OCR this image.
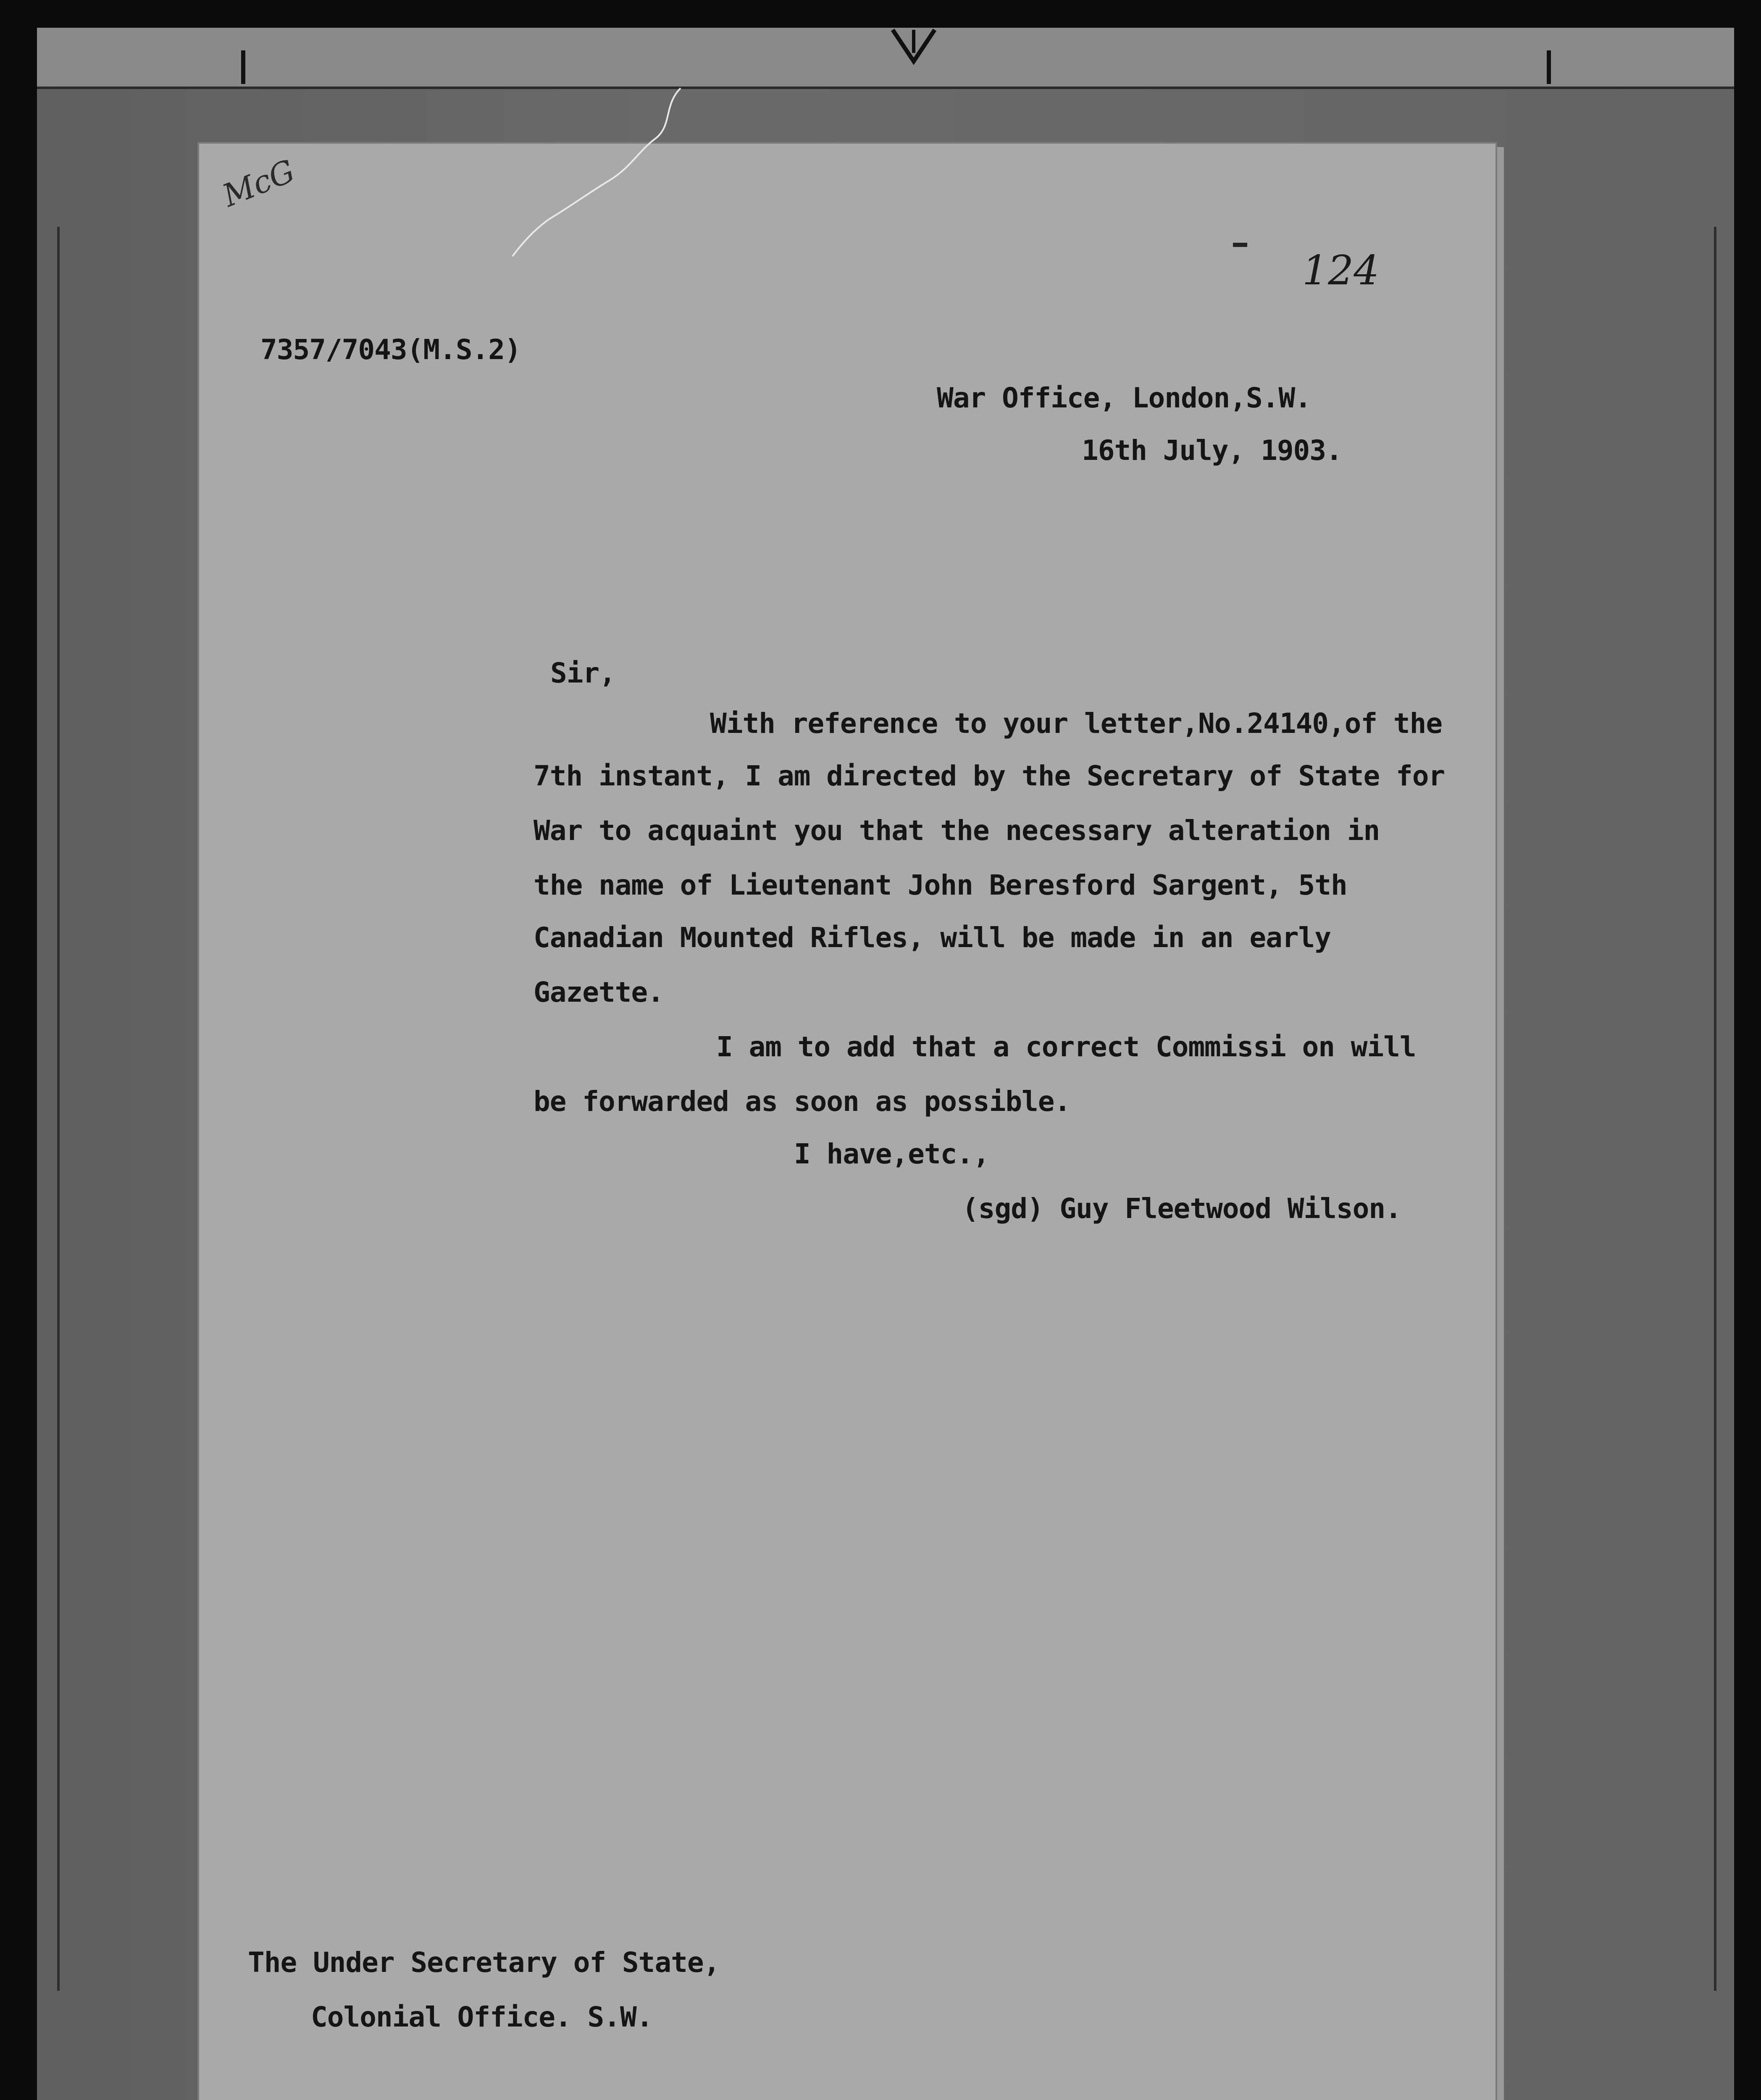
McG
124
7357/7043(M.S.2)
War Office, London,S.W.
16th July, 1903.
Sir,
With reference to your letter,No.24140,of the
7th instant, I am directed by the Secretary of State for
War to acquaint you that the necessary alteration in
the name of Lieutenant John Beresford Sargent, 5th
Canadian Mounted Rifles, will be made in an early
Gazette.
I am to add that a correct Commissi on will
be forwarded as soon as possible.
I have,etc.,
(sgd) Guy Fleetwood Wilson.
The Under Secretary of State,
Colonial Office. S.W.
